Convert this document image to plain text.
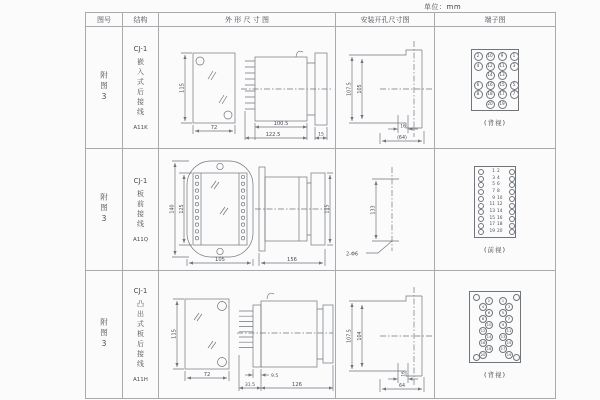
单位：mm
图号	结构	外 形 尺 寸 图	安装开孔尺寸图	端子图

附图3

CJ-1
嵌入式后接线
A11K

115
72
100.5
122.5	15

107.5 105
16
(64)

2	10	9	1
4	12	11	3
14	13
6	16	15	5
8	18	17	7
20	19
(背视)

附图3

CJ-1
板前接线
A11Q

140 125
105	156
115	133
2-Φ6

1 2
3 4
5 6
7 8
9 10
11 12
13 14
15 16
17 18
19 20
(前视)

附图3

CJ-1
凸出式板后接线
A11H

115
72	9.5
31.5	126

107.5 104
16
64

2	1
4	3
6	5
8	7
10	9
12	11
14	13
16	15
18	17
20	19
(背视)
